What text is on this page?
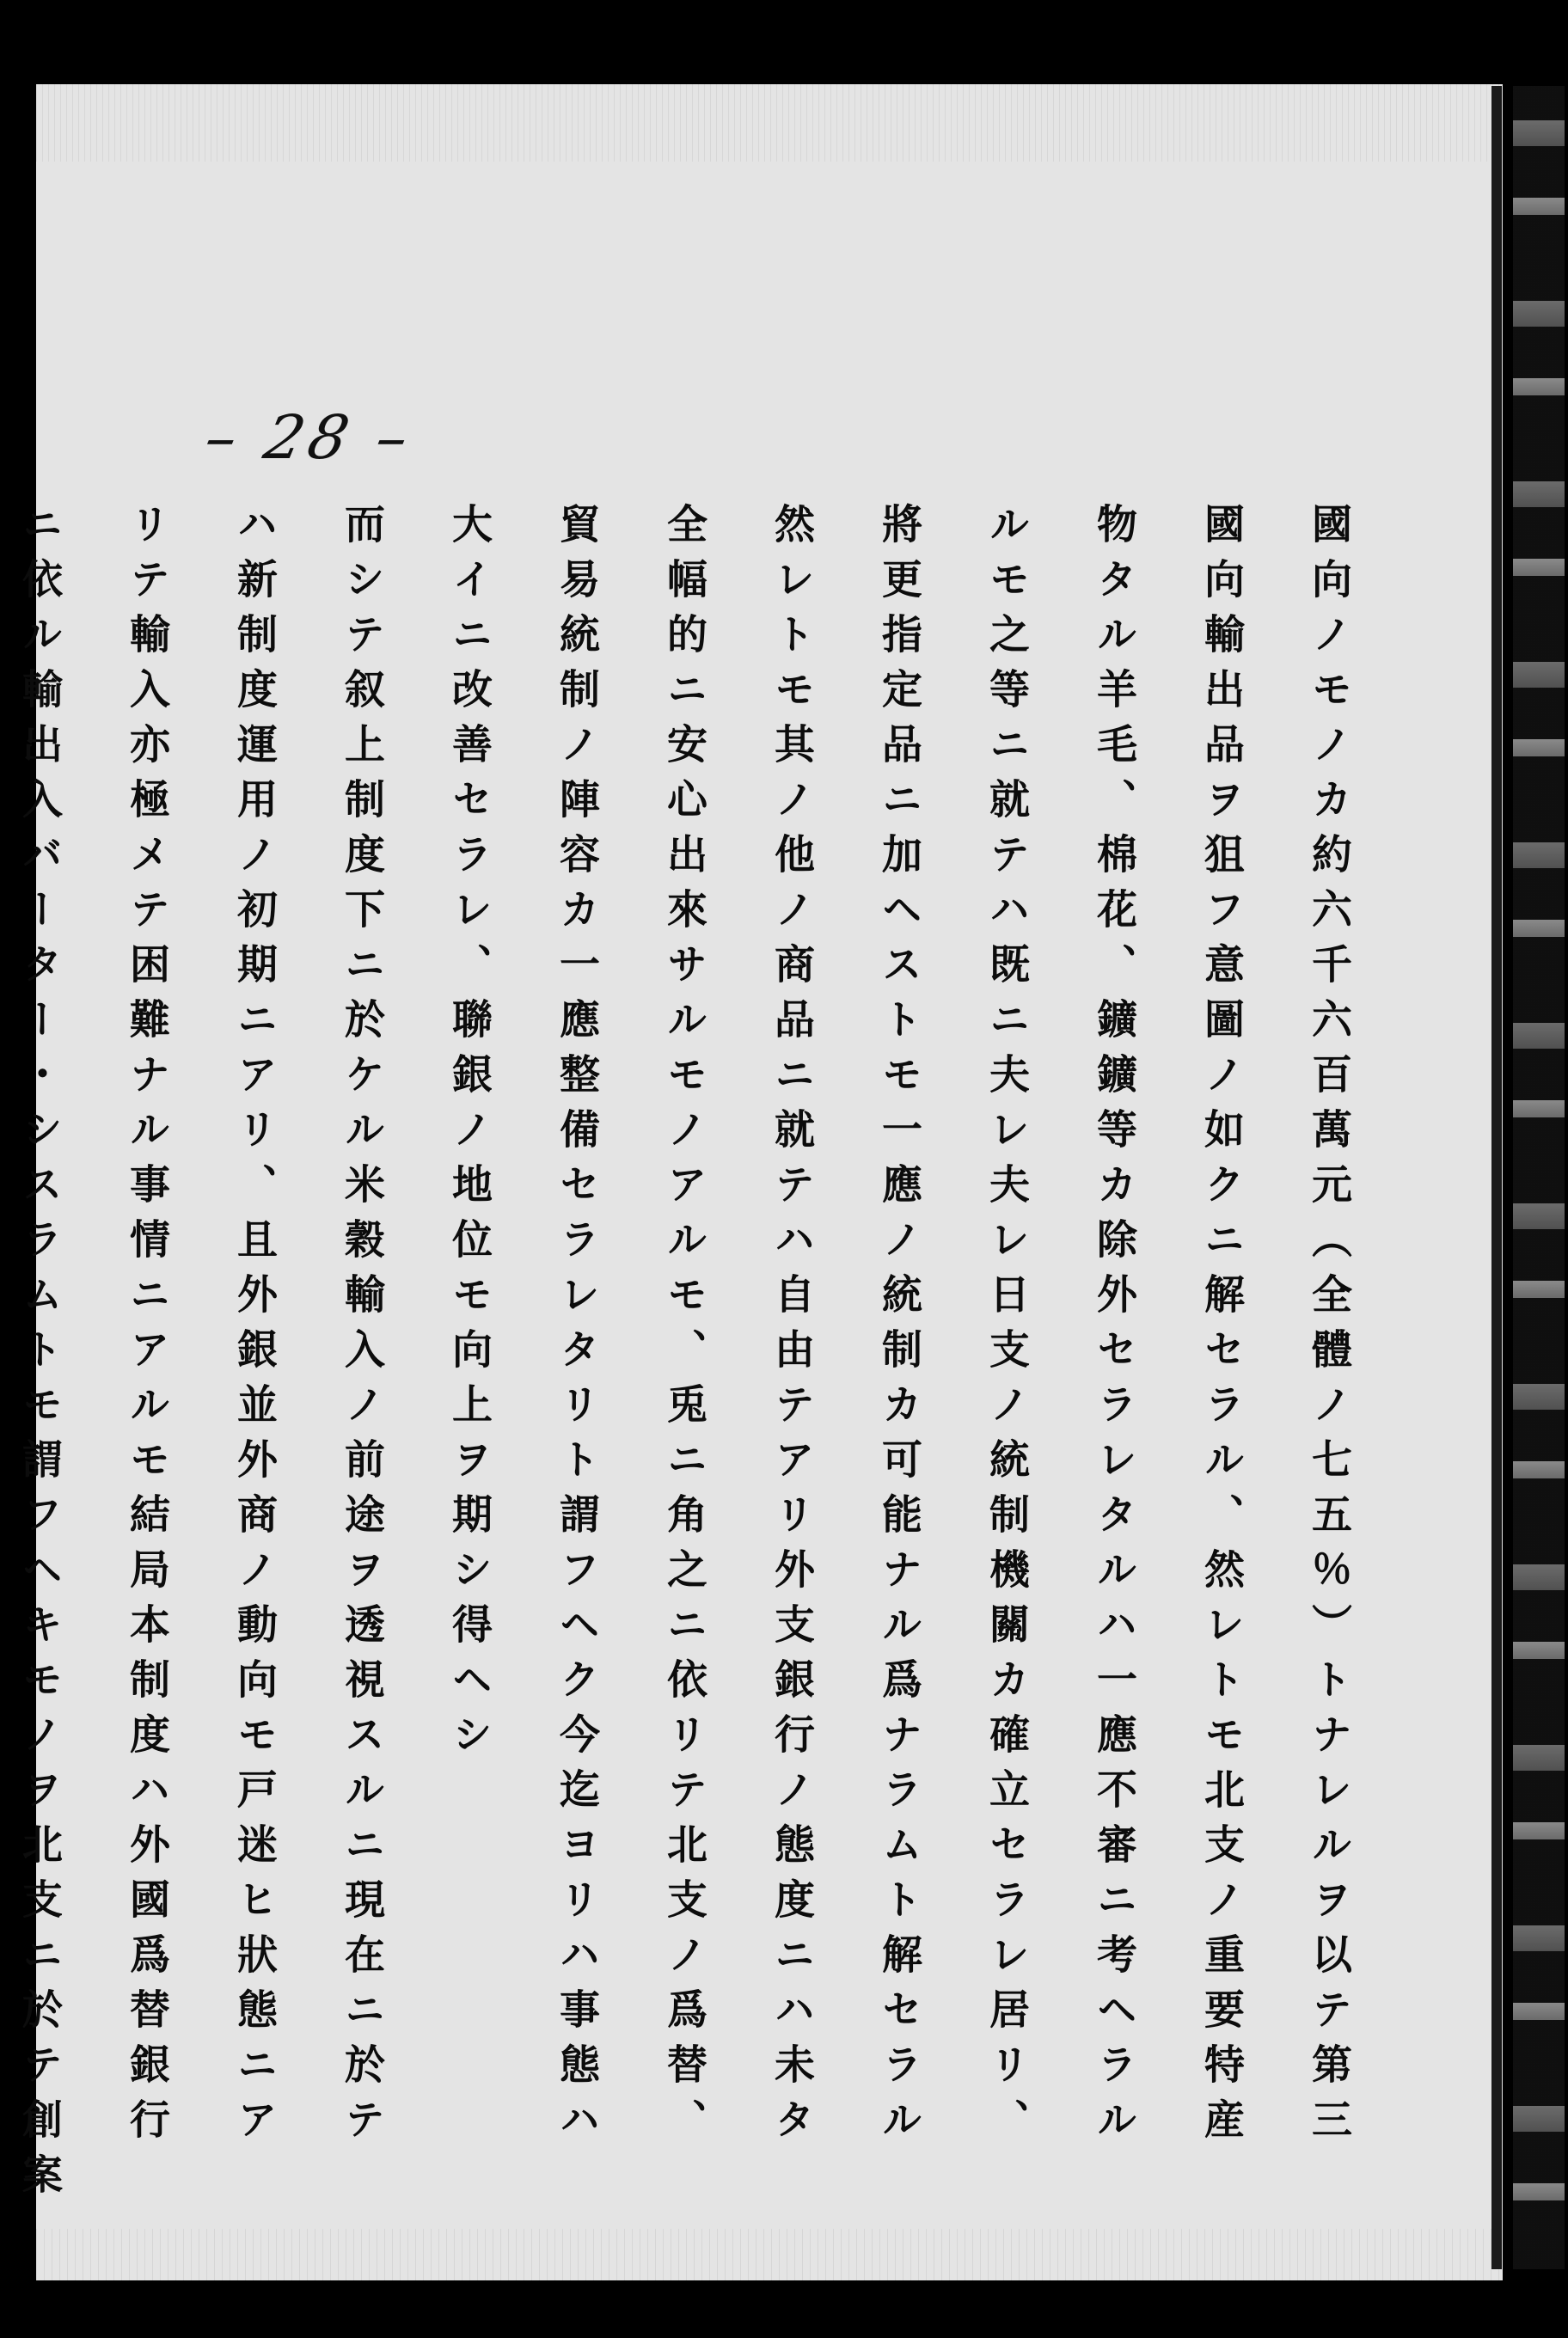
– 28 –
國向ノモノカ約六千六百萬元（全體ノ七五％）トナレルヲ以テ第三
國向輸出品ヲ狙フ意圖ノ如クニ解セラル、然レトモ北支ノ重要特産
物タル羊毛、棉花、鑛鑛等カ除外セラレタルハ一應不審ニ考ヘラル
ルモ之等ニ就テハ既ニ夫レ夫レ日支ノ統制機關カ確立セラレ居リ、
將更指定品ニ加ヘストモ一應ノ統制カ可能ナル爲ナラムト解セラル
然レトモ其ノ他ノ商品ニ就テハ自由テアリ外支銀行ノ態度ニハ未タ
全幅的ニ安心出來サルモノアルモ、兎ニ角之ニ依リテ北支ノ爲替、
貿易統制ノ陣容カ一應整備セラレタリト謂フヘク今迄ヨリハ事態ハ
大イニ改善セラレ、聯銀ノ地位モ向上ヲ期シ得ヘシ
而シテ叙上制度下ニ於ケル米穀輸入ノ前途ヲ透視スルニ現在ニ於テ
ハ新制度運用ノ初期ニアリ、且外銀並外商ノ動向モ戸迷ヒ狀態ニア
リテ輸入亦極メテ困難ナル事情ニアルモ結局本制度ハ外國爲替銀行
ニ依ル輸出入バーター・シスラムトモ謂フヘキモノヲ北支ニ於テ創案
